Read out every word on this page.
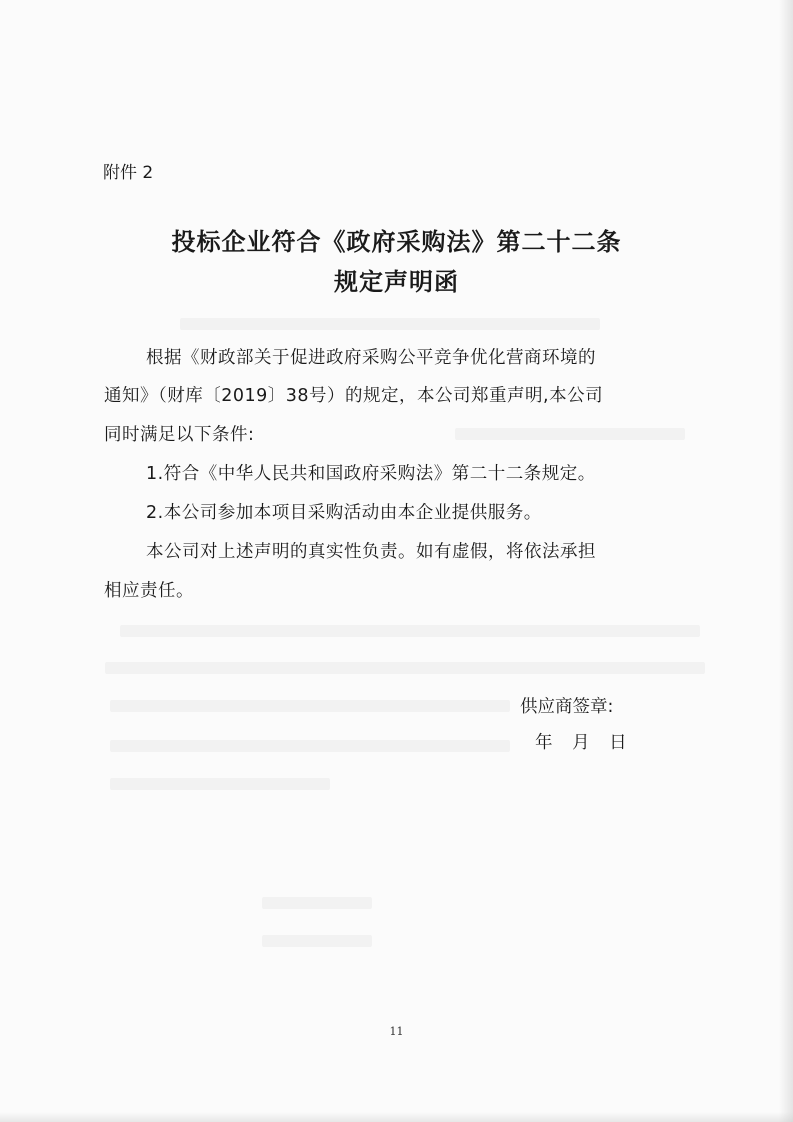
附件 2
投标企业符合《政府采购法》第二十二条
规定声明函
根据《财政部关于促进政府采购公平竞争优化营商环境的
通知》（财库〔2019〕38号）的规定，本公司郑重声明,本公司
同时满足以下条件:
1.符合《中华人民共和国政府采购法》第二十二条规定。
2.本公司参加本项目采购活动由本企业提供服务。
本公司对上述声明的真实性负责。如有虚假，将依法承担
相应责任。
供应商签章:
年 月 日
11
